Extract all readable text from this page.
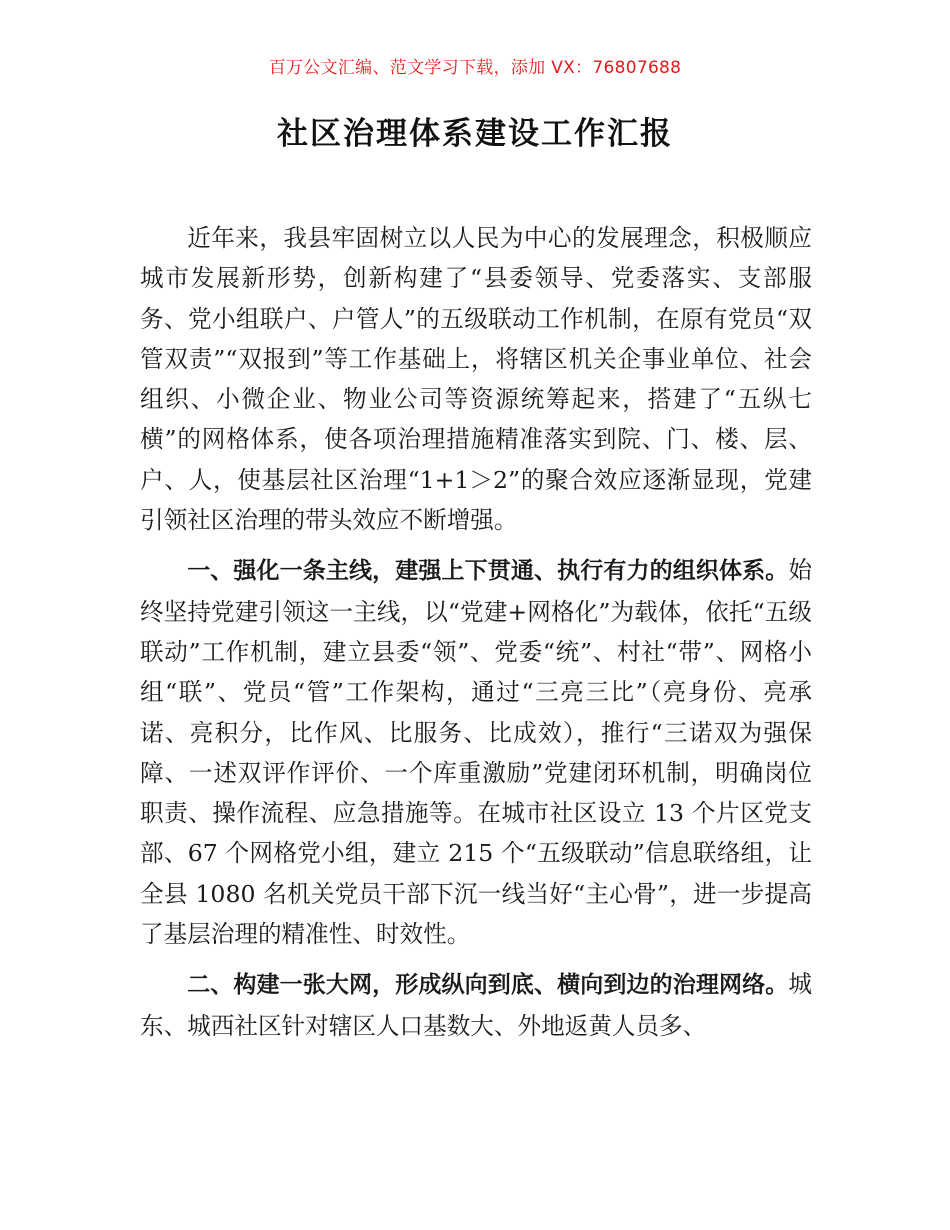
百万公文汇编、范文学习下载，添加 VX：76807688
社区治理体系建设工作汇报

近年来，我县牢固树立以人民为中心的发展理念，积极顺应城市发展新形势，创新构建了“县委领导、党委落实、支部服务、党小组联户、户管人”的五级联动工作机制，在原有党员“双管双责”“双报到”等工作基础上，将辖区机关企事业单位、社会组织、小微企业、物业公司等资源统筹起来，搭建了“五纵七横”的网格体系，使各项治理措施精准落实到院、门、楼、层、户、人，使基层社区治理“1+1＞2”的聚合效应逐渐显现，党建引领社区治理的带头效应不断增强。

一、强化一条主线，建强上下贯通、执行有力的组织体系。始终坚持党建引领这一主线，以“党建+网格化”为载体，依托“五级联动”工作机制，建立县委“领”、党委“统”、村社“带”、网格小组“联”、党员“管”工作架构，通过“三亮三比”（亮身份、亮承诺、亮积分，比作风、比服务、比成效），推行“三诺双为强保障、一述双评作评价、一个库重激励”党建闭环机制，明确岗位职责、操作流程、应急措施等。在城市社区设立 13 个片区党支部、67 个网格党小组，建立 215 个“五级联动”信息联络组，让全县 1080 名机关党员干部下沉一线当好“主心骨”，进一步提高了基层治理的精准性、时效性。

二、构建一张大网，形成纵向到底、横向到边的治理网络。城东、城西社区针对辖区人口基数大、外地返黄人员多、
